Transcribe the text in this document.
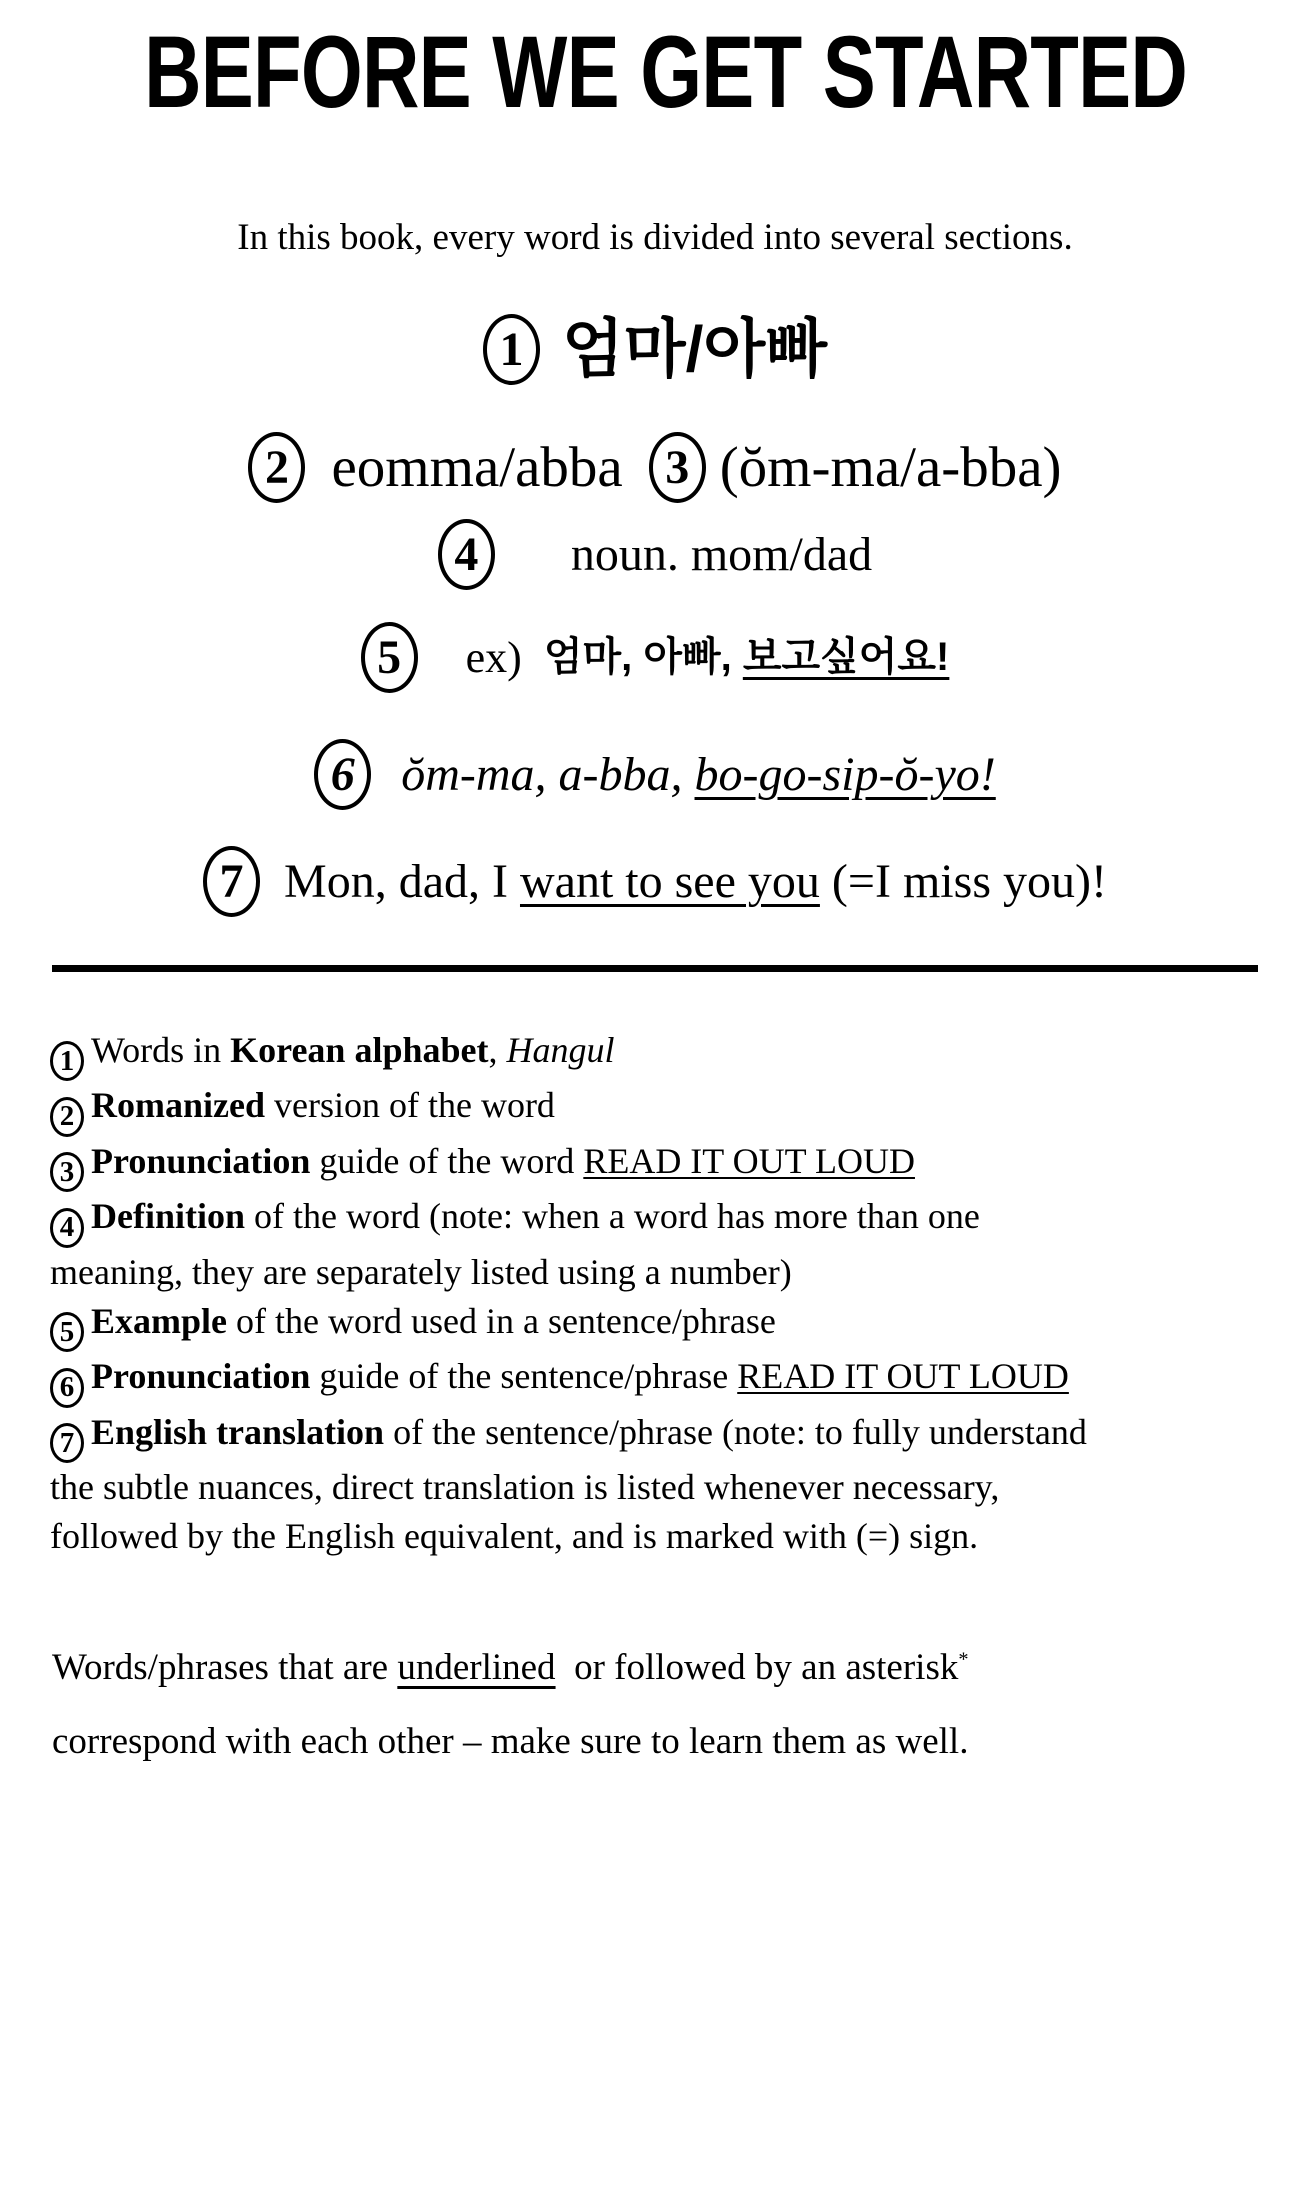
BEFORE WE GET STARTED

In this book, every word is divided into several sections.

1 엄마/아빠
2 eomma/abba 3 (ŏm-ma/a-bba)
4	noun. mom/dad
5	ex) 엄마, 아빠, 보고싶어요!
6 ŏm-ma, a-bba, bo-go-sip-ŏ-yo!
7 Mon, dad, I want to see you (=I miss you)!

1 Words in Korean alphabet, Hangul

2 Romanized version of the word

3 Pronunciation guide of the word READ IT OUT LOUD

4 Definition of the word (note: when a word has more than one
meaning, they are separately listed using a number)

5 Example of the word used in a sentence/phrase

6 Pronunciation guide of the sentence/phrase READ IT OUT LOUD

7 English translation of the sentence/phrase (note: to fully understand
the subtle nuances, direct translation is listed whenever necessary,
followed by the English equivalent, and is marked with (=) sign.

Words/phrases that are underlined  or followed by an asterisk*
correspond with each other – make sure to learn them as well.
